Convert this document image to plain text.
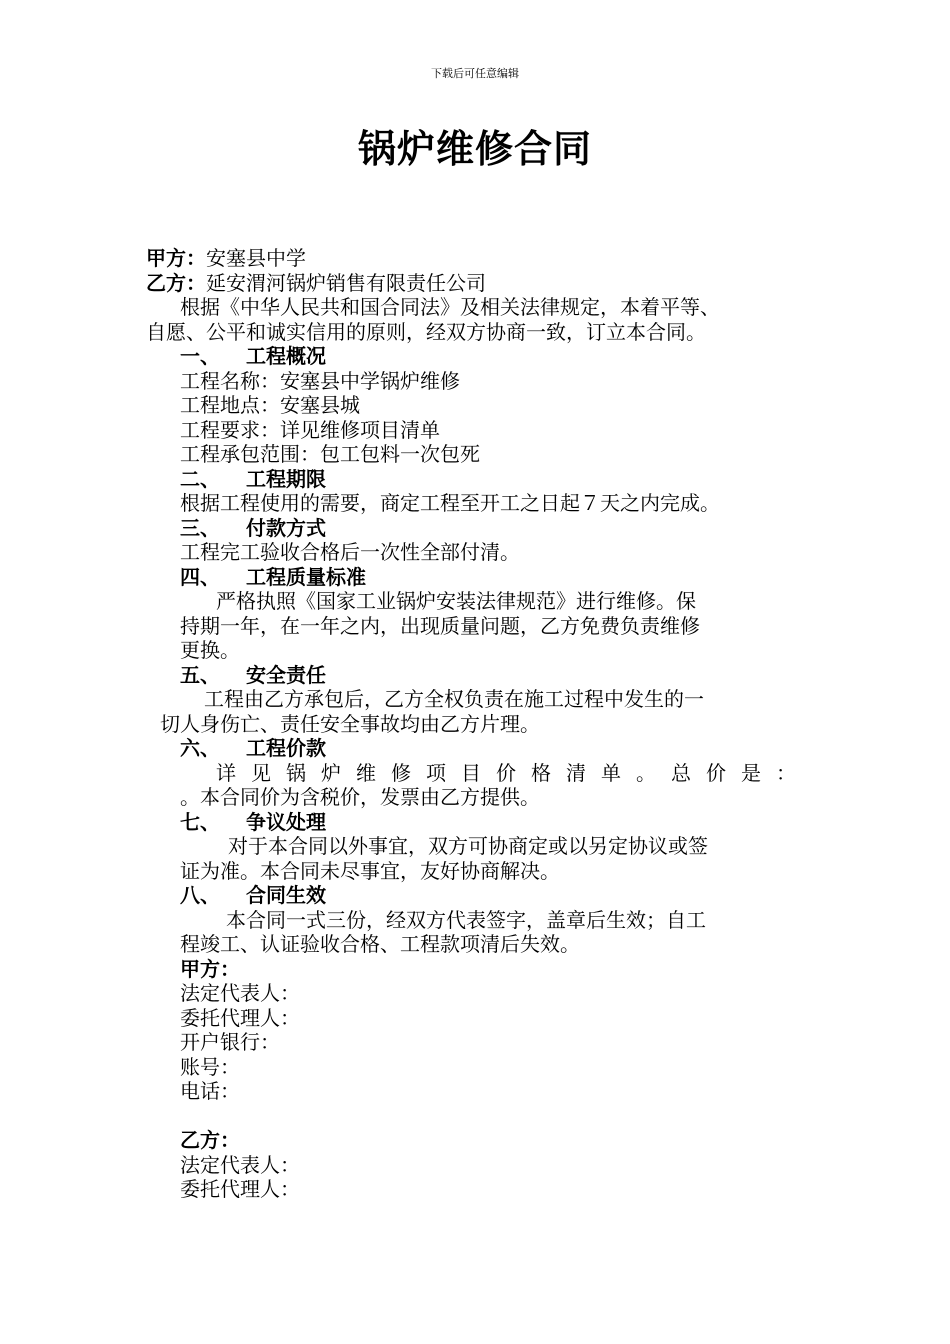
下载后可任意编辑
锅炉维修合同
甲方：安塞县中学
乙方：延安渭河锅炉销售有限责任公司
根据《中华人民共和国合同法》及相关法律规定，本着平等、
自愿、公平和诚实信用的原则，经双方协商一致，订立本合同。
一、 工程概况
工程名称：安塞县中学锅炉维修
工程地点：安塞县城
工程要求：详见维修项目清单
工程承包范围：包工包料一次包死
二、 工程期限
根据工程使用的需要，商定工程至开工之日起７天之内完成。
三、 付款方式
工程完工验收合格后一次性全部付清。
四、 工程质量标准
严格执照《国家工业锅炉安装法律规范》进行维修。保
持期一年，在一年之内，出现质量问题，乙方免费负责维修
更换。
五、 安全责任
工程由乙方承包后，乙方全权负责在施工过程中发生的一
切人身伤亡、责任安全事故均由乙方片理。
六、 工程价款
详见锅炉维修项目价格清单。总价是：
。本合同价为含税价，发票由乙方提供。
七、 争议处理
对于本合同以外事宜，双方可协商定或以另定协议或签
证为准。本合同未尽事宜，友好协商解决。
八、 合同生效
本合同一式三份，经双方代表签字，盖章后生效；自工
程竣工、认证验收合格、工程款项清后失效。
甲方：
法定代表人：
委托代理人：
开户银行：
账号：
电话：
乙方：
法定代表人：
委托代理人：
